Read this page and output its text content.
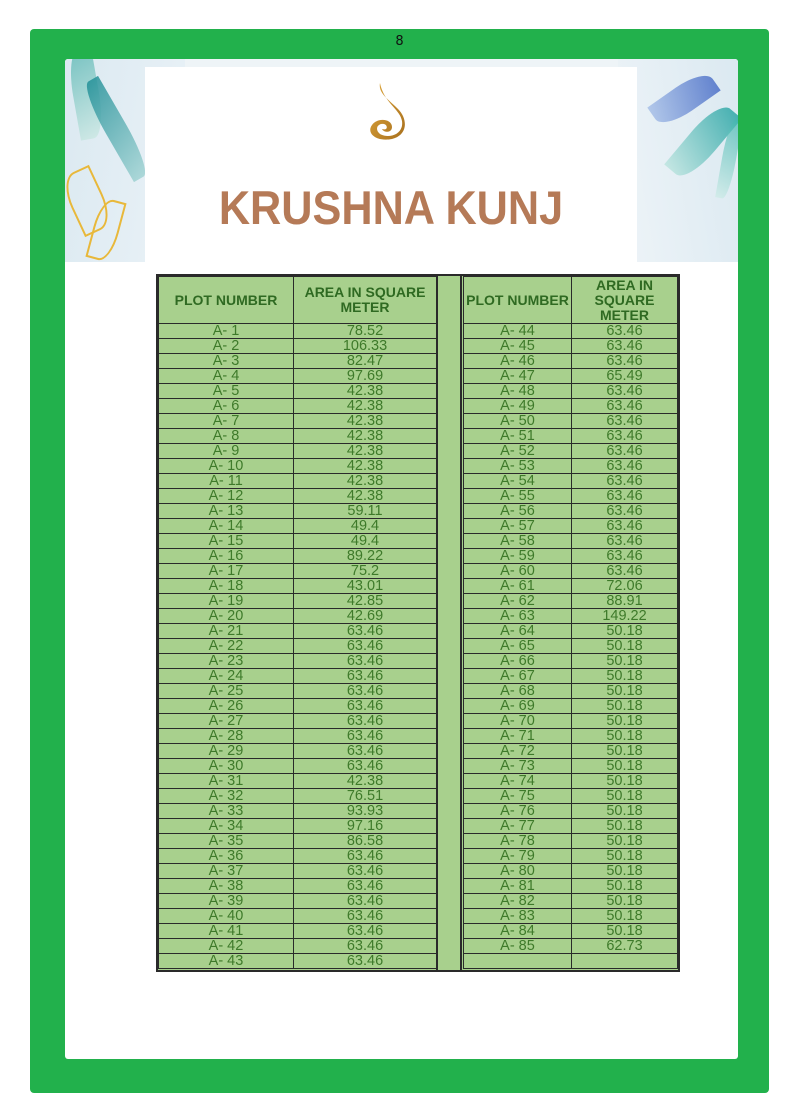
8
KRUSHNA KUNJ
PLOT NUMBER	AREA IN SQUARE METER
A- 1	78.52
A- 2	106.33
A- 3	82.47
A- 4	97.69
A- 5	42.38
A- 6	42.38
A- 7	42.38
A- 8	42.38
A- 9	42.38
A- 10	42.38
A- 11	42.38
A- 12	42.38
A- 13	59.11
A- 14	49.4
A- 15	49.4
A- 16	89.22
A- 17	75.2
A- 18	43.01
A- 19	42.85
A- 20	42.69
A- 21	63.46
A- 22	63.46
A- 23	63.46
A- 24	63.46
A- 25	63.46
A- 26	63.46
A- 27	63.46
A- 28	63.46
A- 29	63.46
A- 30	63.46
A- 31	42.38
A- 32	76.51
A- 33	93.93
A- 34	97.16
A- 35	86.58
A- 36	63.46
A- 37	63.46
A- 38	63.46
A- 39	63.46
A- 40	63.46
A- 41	63.46
A- 42	63.46
A- 43	63.46
PLOT NUMBER	AREA IN SQUARE METER
A- 44	63.46
A- 45	63.46
A- 46	63.46
A- 47	65.49
A- 48	63.46
A- 49	63.46
A- 50	63.46
A- 51	63.46
A- 52	63.46
A- 53	63.46
A- 54	63.46
A- 55	63.46
A- 56	63.46
A- 57	63.46
A- 58	63.46
A- 59	63.46
A- 60	63.46
A- 61	72.06
A- 62	88.91
A- 63	149.22
A- 64	50.18
A- 65	50.18
A- 66	50.18
A- 67	50.18
A- 68	50.18
A- 69	50.18
A- 70	50.18
A- 71	50.18
A- 72	50.18
A- 73	50.18
A- 74	50.18
A- 75	50.18
A- 76	50.18
A- 77	50.18
A- 78	50.18
A- 79	50.18
A- 80	50.18
A- 81	50.18
A- 82	50.18
A- 83	50.18
A- 84	50.18
A- 85	62.73
